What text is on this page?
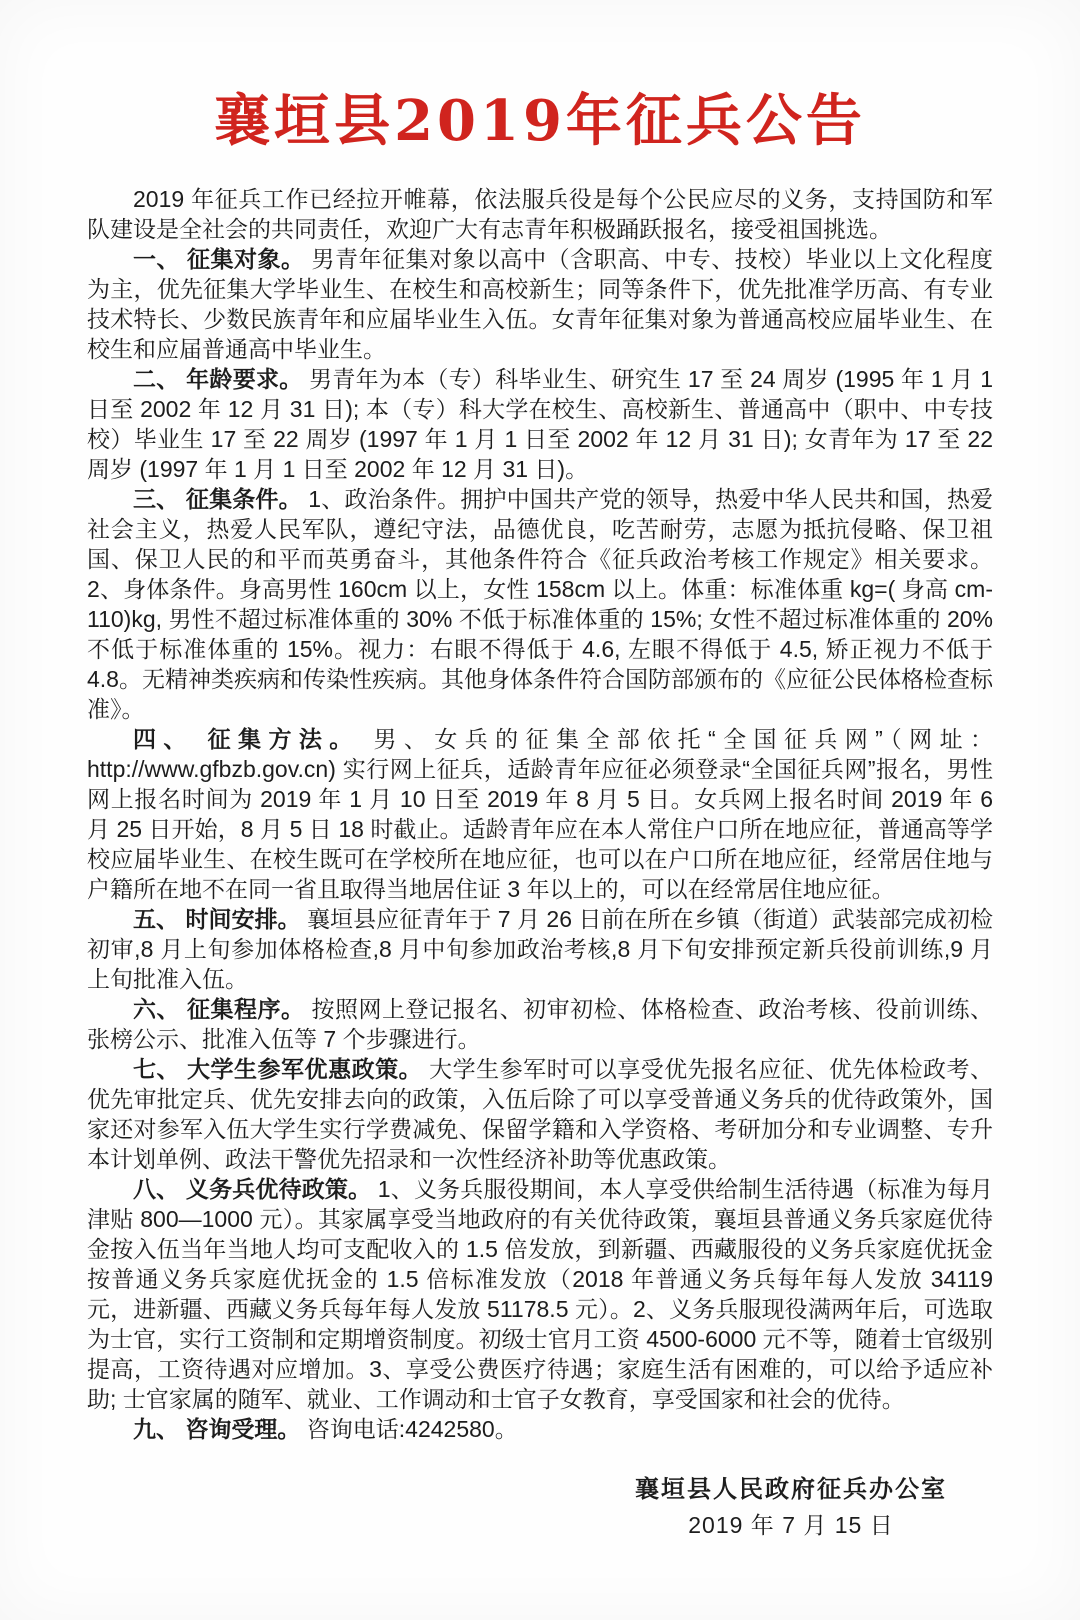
襄垣县2019年征兵公告

2019 年征兵工作已经拉开帷幕，依法服兵役是每个公民应尽的义务，支持国防和军队建设是全社会的共同责任，欢迎广大有志青年积极踊跃报名，接受祖国挑选。

一、 征集对象。 男青年征集对象以高中（含职高、中专、技校）毕业以上文化程度为主，优先征集大学毕业生、在校生和高校新生；同等条件下，优先批准学历高、有专业技术特长、少数民族青年和应届毕业生入伍。女青年征集对象为普通高校应届毕业生、在校生和应届普通高中毕业生。

二、 年龄要求。 男青年为本（专）科毕业生、研究生 17 至 24 周岁 (1995 年 1 月 1 日至 2002 年 12 月 31 日); 本（专）科大学在校生、高校新生、普通高中（职中、中专技校）毕业生 17 至 22 周岁 (1997 年 1 月 1 日至 2002 年 12 月 31 日); 女青年为 17 至 22 周岁 (1997 年 1 月 1 日至 2002 年 12 月 31 日)。

三、 征集条件。 1、政治条件。拥护中国共产党的领导，热爱中华人民共和国，热爱社会主义，热爱人民军队，遵纪守法，品德优良，吃苦耐劳，志愿为抵抗侵略、保卫祖国、保卫人民的和平而英勇奋斗，其他条件符合《征兵政治考核工作规定》相关要求。2、身体条件。身高男性 160cm 以上，女性 158cm 以上。体重：标准体重 kg=( 身高 cm-110)kg, 男性不超过标准体重的 30% 不低于标准体重的 15%; 女性不超过标准体重的 20% 不低于标准体重的 15%。视力：右眼不得低于 4.6, 左眼不得低于 4.5, 矫正视力不低于 4.8。无精神类疾病和传染性疾病。其他身体条件符合国防部颁布的《应征公民体格检查标准》。

四、 征集方法。 男、女兵的征集全部依托“全国征兵网”（网址：http://www.gfbzb.gov.cn) 实行网上征兵，适龄青年应征必须登录“全国征兵网”报名，男性网上报名时间为 2019 年 1 月 10 日至 2019 年 8 月 5 日。女兵网上报名时间 2019 年 6 月 25 日开始，8 月 5 日 18 时截止。适龄青年应在本人常住户口所在地应征，普通高等学校应届毕业生、在校生既可在学校所在地应征，也可以在户口所在地应征，经常居住地与户籍所在地不在同一省且取得当地居住证 3 年以上的，可以在经常居住地应征。

五、 时间安排。 襄垣县应征青年于 7 月 26 日前在所在乡镇（街道）武装部完成初检初审,8 月上旬参加体格检查,8 月中旬参加政治考核,8 月下旬安排预定新兵役前训练,9 月上旬批准入伍。

六、 征集程序。 按照网上登记报名、初审初检、体格检查、政治考核、役前训练、张榜公示、批准入伍等 7 个步骤进行。

七、 大学生参军优惠政策。 大学生参军时可以享受优先报名应征、优先体检政考、优先审批定兵、优先安排去向的政策，入伍后除了可以享受普通义务兵的优待政策外，国家还对参军入伍大学生实行学费减免、保留学籍和入学资格、考研加分和专业调整、专升本计划单例、政法干警优先招录和一次性经济补助等优惠政策。

八、 义务兵优待政策。 1、义务兵服役期间，本人享受供给制生活待遇（标准为每月津贴 800—1000 元）。其家属享受当地政府的有关优待政策，襄垣县普通义务兵家庭优待金按入伍当年当地人均可支配收入的 1.5 倍发放，到新疆、西藏服役的义务兵家庭优抚金按普通义务兵家庭优抚金的 1.5 倍标准发放（2018 年普通义务兵每年每人发放 34119 元，进新疆、西藏义务兵每年每人发放 51178.5 元）。2、义务兵服现役满两年后，可选取为士官，实行工资制和定期增资制度。初级士官月工资 4500-6000 元不等，随着士官级别提高，工资待遇对应增加。3、享受公费医疗待遇；家庭生活有困难的，可以给予适应补助; 士官家属的随军、就业、工作调动和士官子女教育，享受国家和社会的优待。

九、 咨询受理。 咨询电话:4242580。

襄垣县人民政府征兵办公室
2019 年 7 月 15 日
